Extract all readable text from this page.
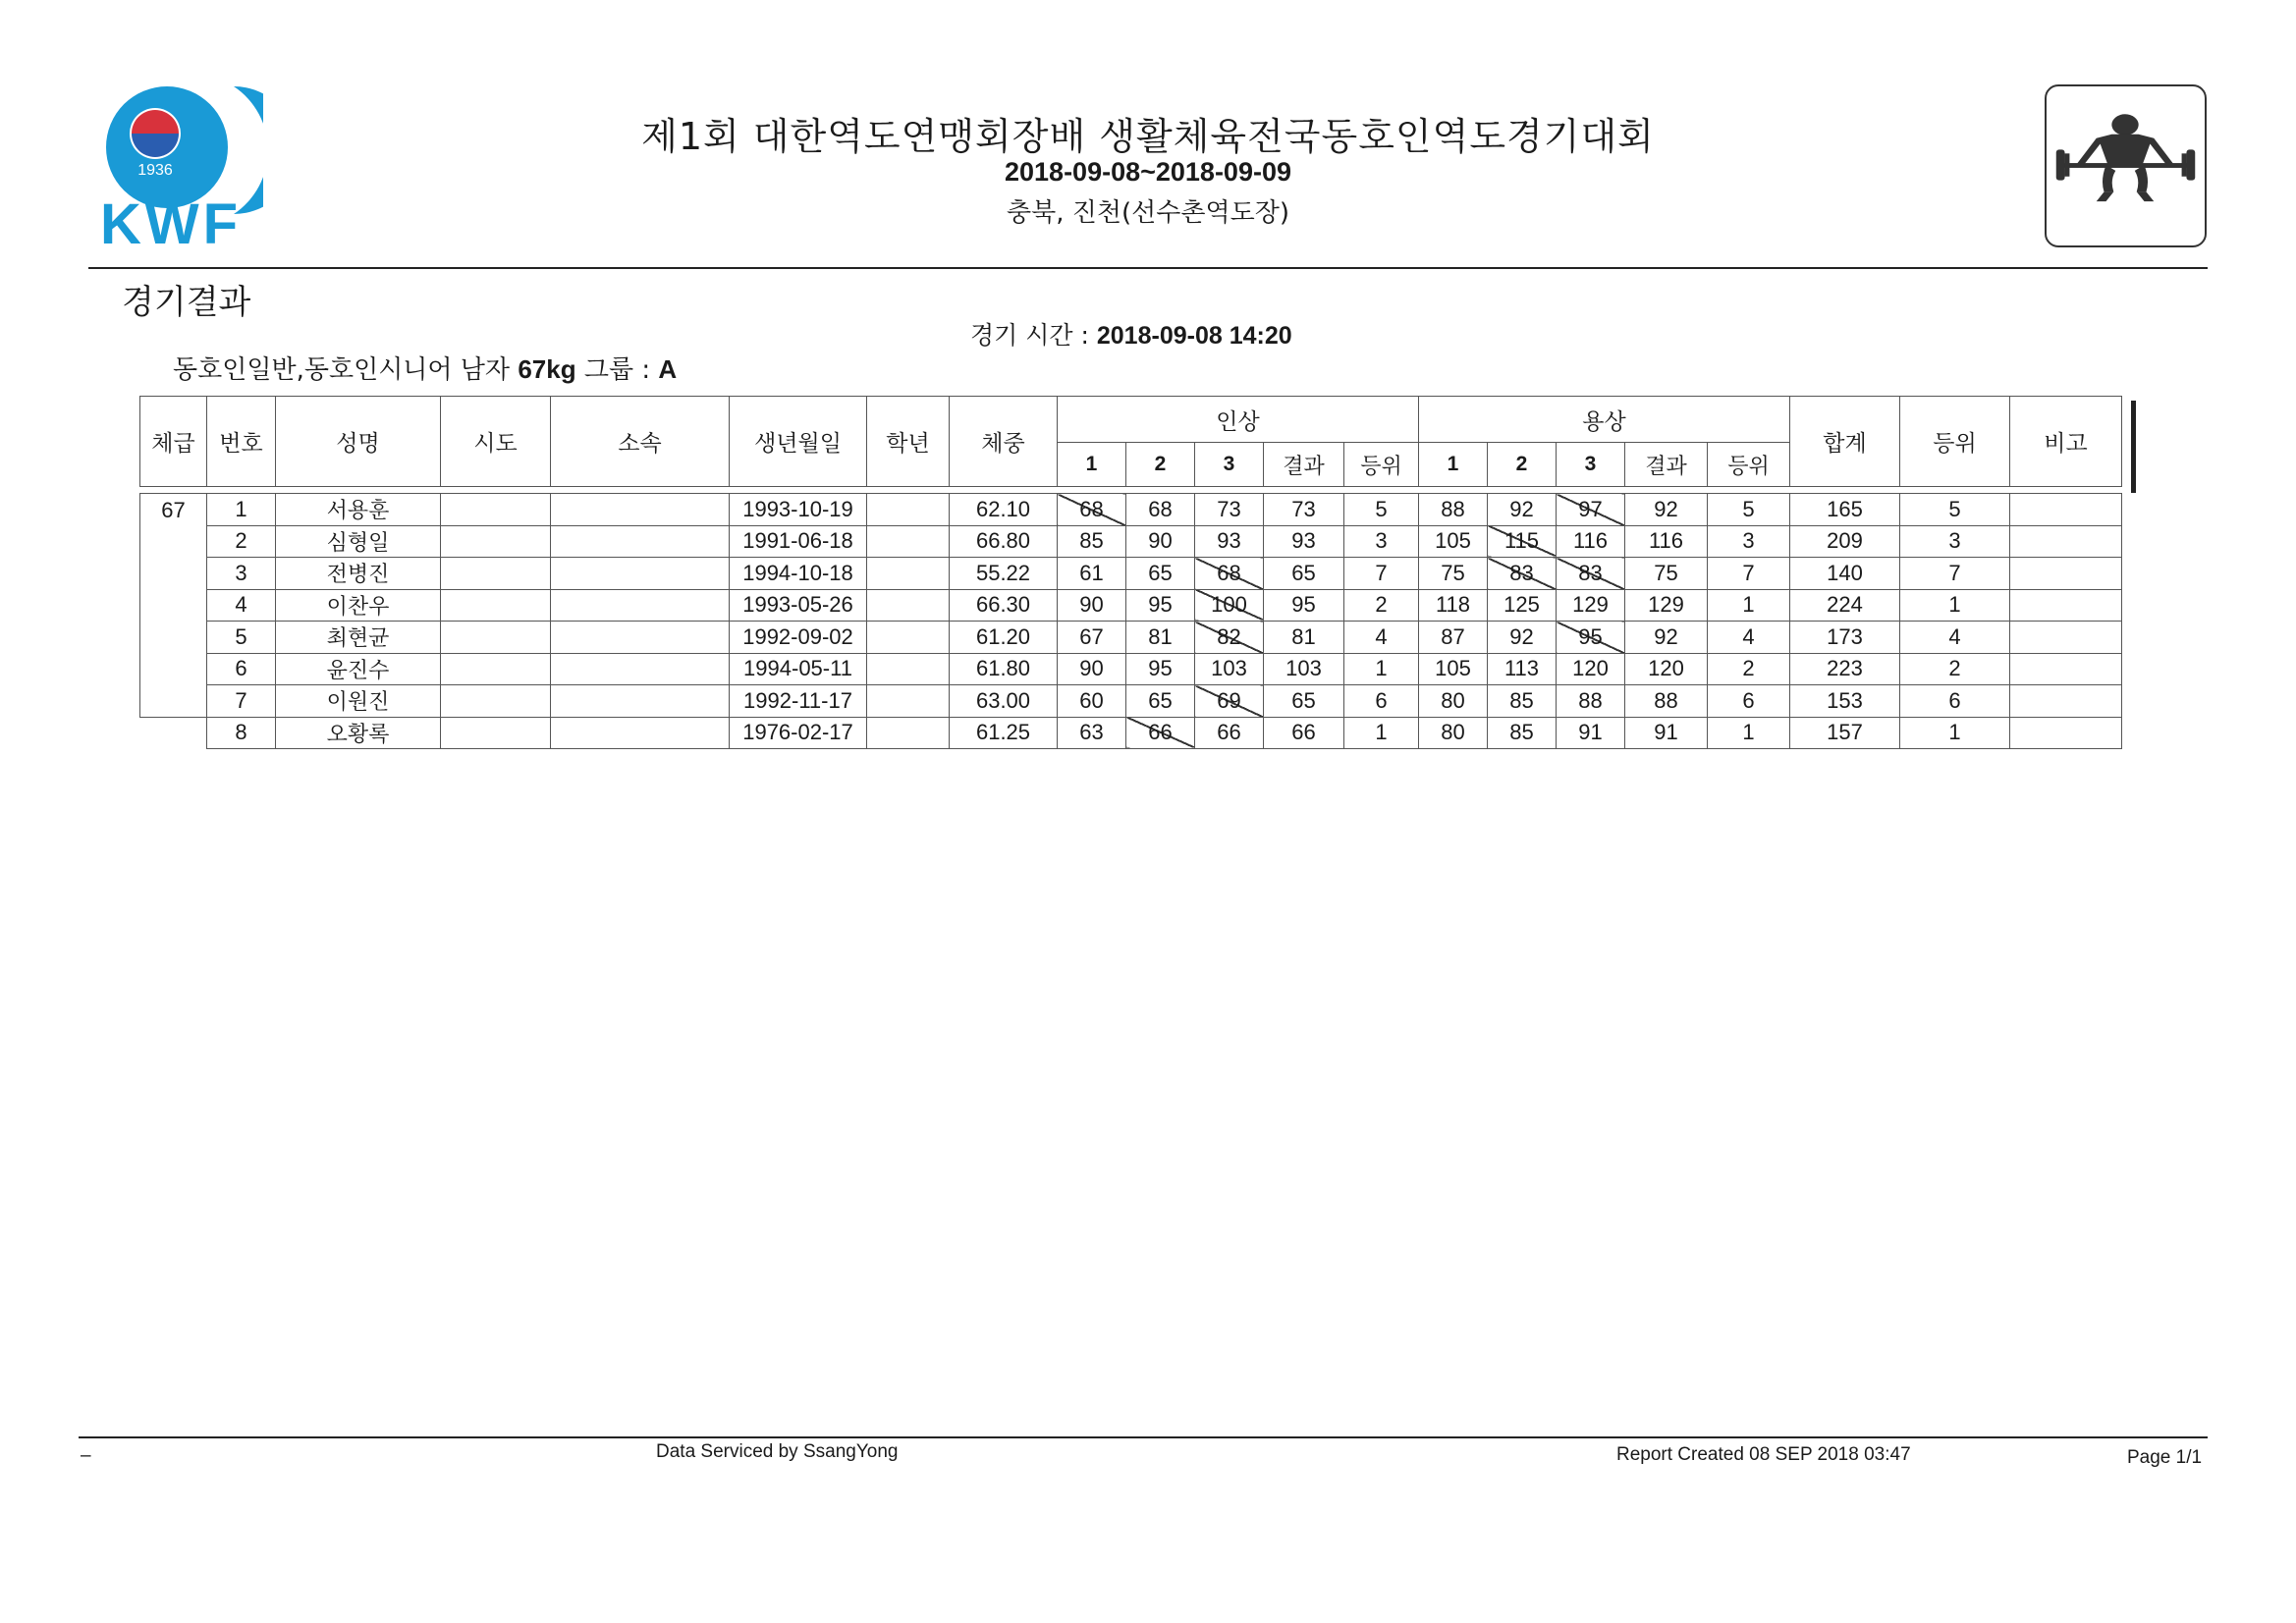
1936
KWF
제1회 대한역도연맹회장배 생활체육전국동호인역도경기대회
2018-09-08~2018-09-09
충북, 진천(선수촌역도장)
경기결과
경기 시간 : 2018-09-08 14:20
동호인일반,동호인시니어 남자 67kg 그룹 : A
체급	번호	성명	시도	소속	생년월일	학년	체중	인상					용상					합계	등위	비고
								1	2	3	결과	등위	1	2	3	결과	등위			

67	1	서용훈			1993-10-19		62.10	68	68	73	73	5	88	92	97	92	5	165	5	
	2	심형일			1991-06-18		66.80	85	90	93	93	3	105	115	116	116	3	209	3	
	3	전병진			1994-10-18		55.22	61	65	68	65	7	75	83	83	75	7	140	7	
	4	이찬우			1993-05-26		66.30	90	95	100	95	2	118	125	129	129	1	224	1	
	5	최현균			1992-09-02		61.20	67	81	82	81	4	87	92	95	92	4	173	4	
	6	윤진수			1994-05-11		61.80	90	95	103	103	1	105	113	120	120	2	223	2	
	7	이원진			1992-11-17		63.00	60	65	69	65	6	80	85	88	88	6	153	6	
	8	오황록			1976-02-17		61.25	63	66	66	66	1	80	85	91	91	1	157	1	
–	Data Serviced by SsangYong	Report Created 08 SEP 2018 03:47	Page 1/1
